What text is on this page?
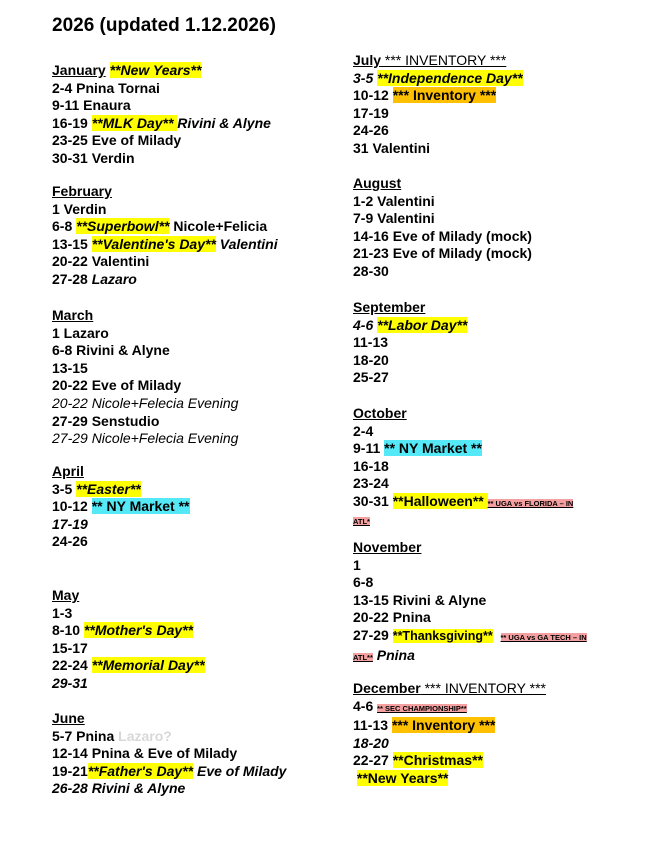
2026 (updated 1.12.2026)
January **New Years**
2-4 Pnina Tornai
9-11 Enaura
16-19 **MLK Day** Rivini & Alyne
23-25 Eve of Milady
30-31 Verdin
February
1 Verdin
6-8 **Superbowl** Nicole+Felicia
13-15 **Valentine's Day** Valentini
20-22 Valentini
27-28 Lazaro
March
1 Lazaro
6-8 Rivini & Alyne
13-15
20-22 Eve of Milady
20-22 Nicole+Felecia Evening
27-29 Senstudio
27-29 Nicole+Felecia Evening
April
3-5 **Easter**
10-12 ** NY Market **
17-19
24-26
May
1-3
8-10 **Mother's Day**
15-17
22-24 **Memorial Day**
29-31
June
5-7 Pnina Lazaro?
12-14 Pnina & Eve of Milady
19-21**Father's Day** Eve of Milady
26-28 Rivini & Alyne
July *** INVENTORY ***
3-5 **Independence Day**
10-12 *** Inventory ***
17-19
24-26
31 Valentini
August
1-2 Valentini
7-9 Valentini
14-16 Eve of Milady (mock)
21-23 Eve of Milady (mock)
28-30
September
4-6 **Labor Day**
11-13
18-20
25-27
October
2-4
9-11 ** NY Market **
16-18
23-24
30-31 **Halloween** ** UGA vs FLORIDA – IN
ATL*
November
1
6-8
13-15 Rivini & Alyne
20-22 Pnina
27-29 **Thanksgiving** ** UGA vs GA TECH – IN
ATL** Pnina
December *** INVENTORY ***
4-6 ** SEC CHAMPIONSHIP**
11-13 *** Inventory ***
18-20
22-27 **Christmas**
**New Years**
